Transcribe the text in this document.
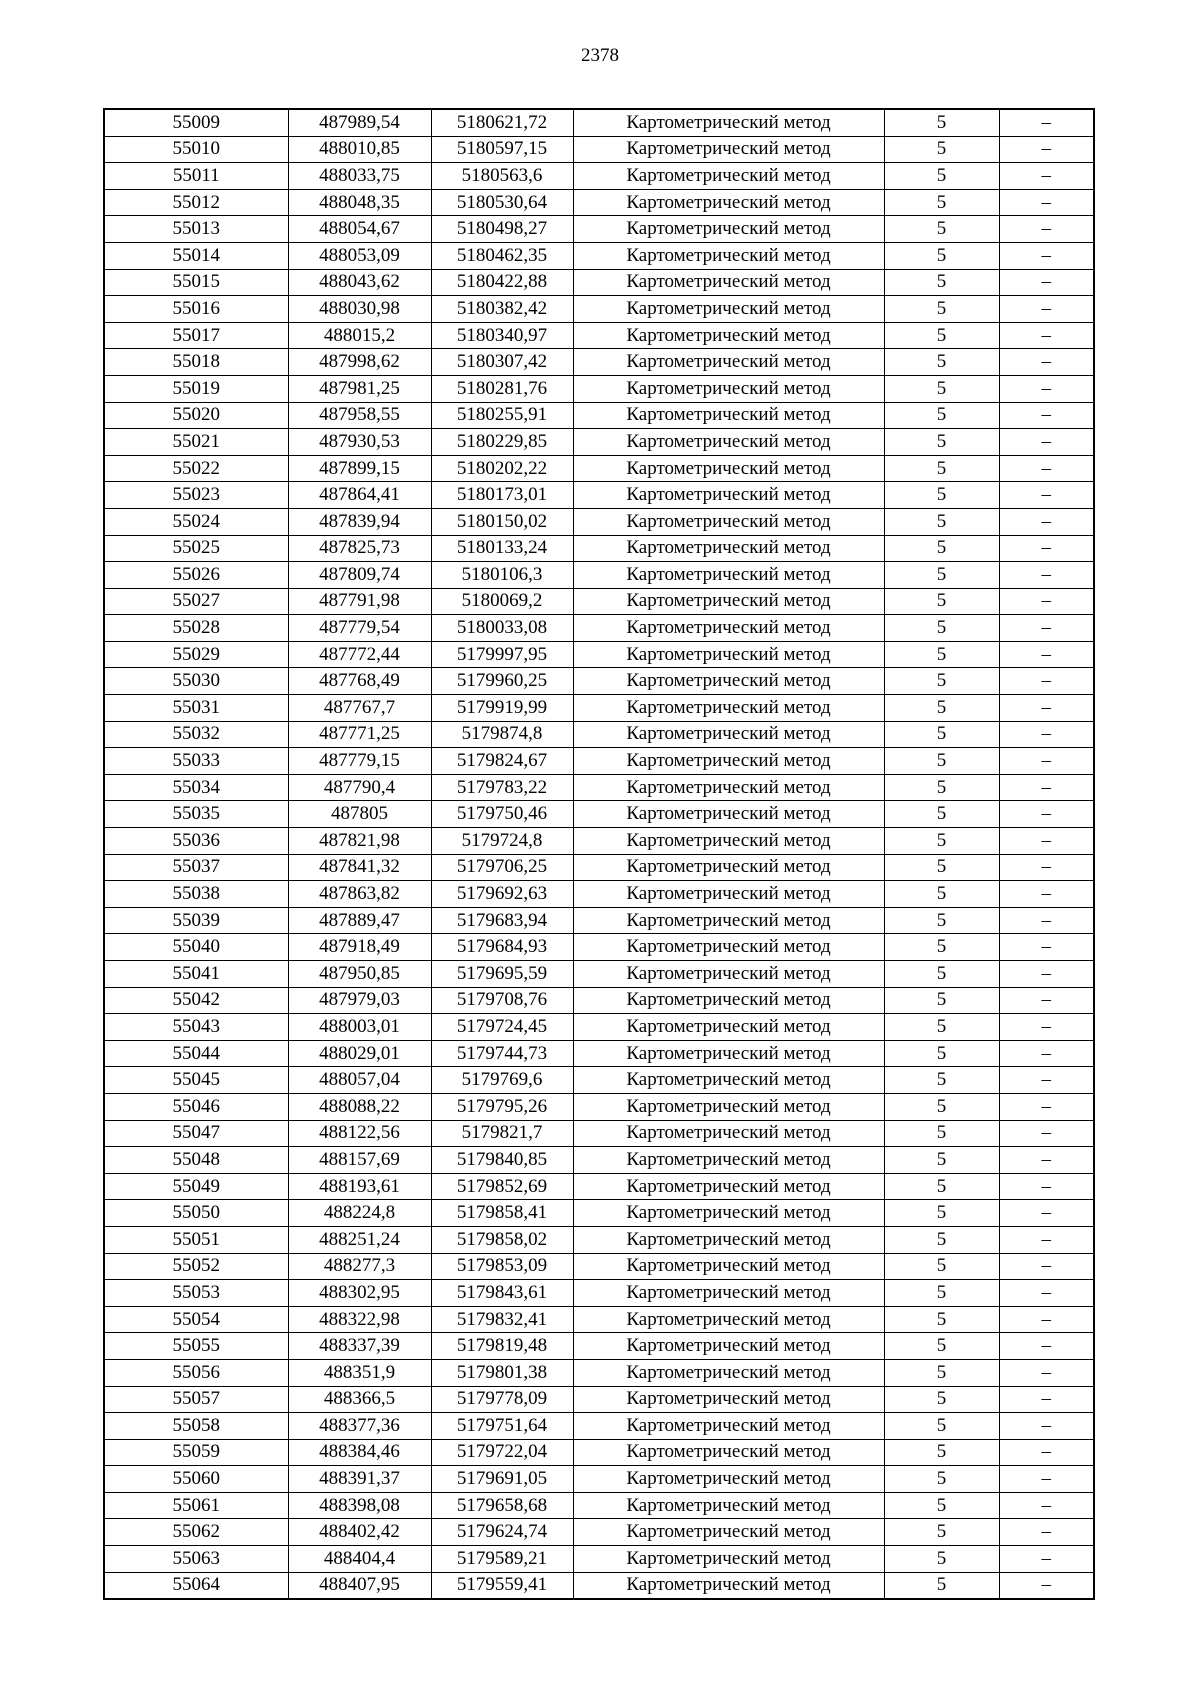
2378
55009	487989,54	5180621,72	Картометрический метод	5	–
55010	488010,85	5180597,15	Картометрический метод	5	–
55011	488033,75	5180563,6	Картометрический метод	5	–
55012	488048,35	5180530,64	Картометрический метод	5	–
55013	488054,67	5180498,27	Картометрический метод	5	–
55014	488053,09	5180462,35	Картометрический метод	5	–
55015	488043,62	5180422,88	Картометрический метод	5	–
55016	488030,98	5180382,42	Картометрический метод	5	–
55017	488015,2	5180340,97	Картометрический метод	5	–
55018	487998,62	5180307,42	Картометрический метод	5	–
55019	487981,25	5180281,76	Картометрический метод	5	–
55020	487958,55	5180255,91	Картометрический метод	5	–
55021	487930,53	5180229,85	Картометрический метод	5	–
55022	487899,15	5180202,22	Картометрический метод	5	–
55023	487864,41	5180173,01	Картометрический метод	5	–
55024	487839,94	5180150,02	Картометрический метод	5	–
55025	487825,73	5180133,24	Картометрический метод	5	–
55026	487809,74	5180106,3	Картометрический метод	5	–
55027	487791,98	5180069,2	Картометрический метод	5	–
55028	487779,54	5180033,08	Картометрический метод	5	–
55029	487772,44	5179997,95	Картометрический метод	5	–
55030	487768,49	5179960,25	Картометрический метод	5	–
55031	487767,7	5179919,99	Картометрический метод	5	–
55032	487771,25	5179874,8	Картометрический метод	5	–
55033	487779,15	5179824,67	Картометрический метод	5	–
55034	487790,4	5179783,22	Картометрический метод	5	–
55035	487805	5179750,46	Картометрический метод	5	–
55036	487821,98	5179724,8	Картометрический метод	5	–
55037	487841,32	5179706,25	Картометрический метод	5	–
55038	487863,82	5179692,63	Картометрический метод	5	–
55039	487889,47	5179683,94	Картометрический метод	5	–
55040	487918,49	5179684,93	Картометрический метод	5	–
55041	487950,85	5179695,59	Картометрический метод	5	–
55042	487979,03	5179708,76	Картометрический метод	5	–
55043	488003,01	5179724,45	Картометрический метод	5	–
55044	488029,01	5179744,73	Картометрический метод	5	–
55045	488057,04	5179769,6	Картометрический метод	5	–
55046	488088,22	5179795,26	Картометрический метод	5	–
55047	488122,56	5179821,7	Картометрический метод	5	–
55048	488157,69	5179840,85	Картометрический метод	5	–
55049	488193,61	5179852,69	Картометрический метод	5	–
55050	488224,8	5179858,41	Картометрический метод	5	–
55051	488251,24	5179858,02	Картометрический метод	5	–
55052	488277,3	5179853,09	Картометрический метод	5	–
55053	488302,95	5179843,61	Картометрический метод	5	–
55054	488322,98	5179832,41	Картометрический метод	5	–
55055	488337,39	5179819,48	Картометрический метод	5	–
55056	488351,9	5179801,38	Картометрический метод	5	–
55057	488366,5	5179778,09	Картометрический метод	5	–
55058	488377,36	5179751,64	Картометрический метод	5	–
55059	488384,46	5179722,04	Картометрический метод	5	–
55060	488391,37	5179691,05	Картометрический метод	5	–
55061	488398,08	5179658,68	Картометрический метод	5	–
55062	488402,42	5179624,74	Картометрический метод	5	–
55063	488404,4	5179589,21	Картометрический метод	5	–
55064	488407,95	5179559,41	Картометрический метод	5	–
